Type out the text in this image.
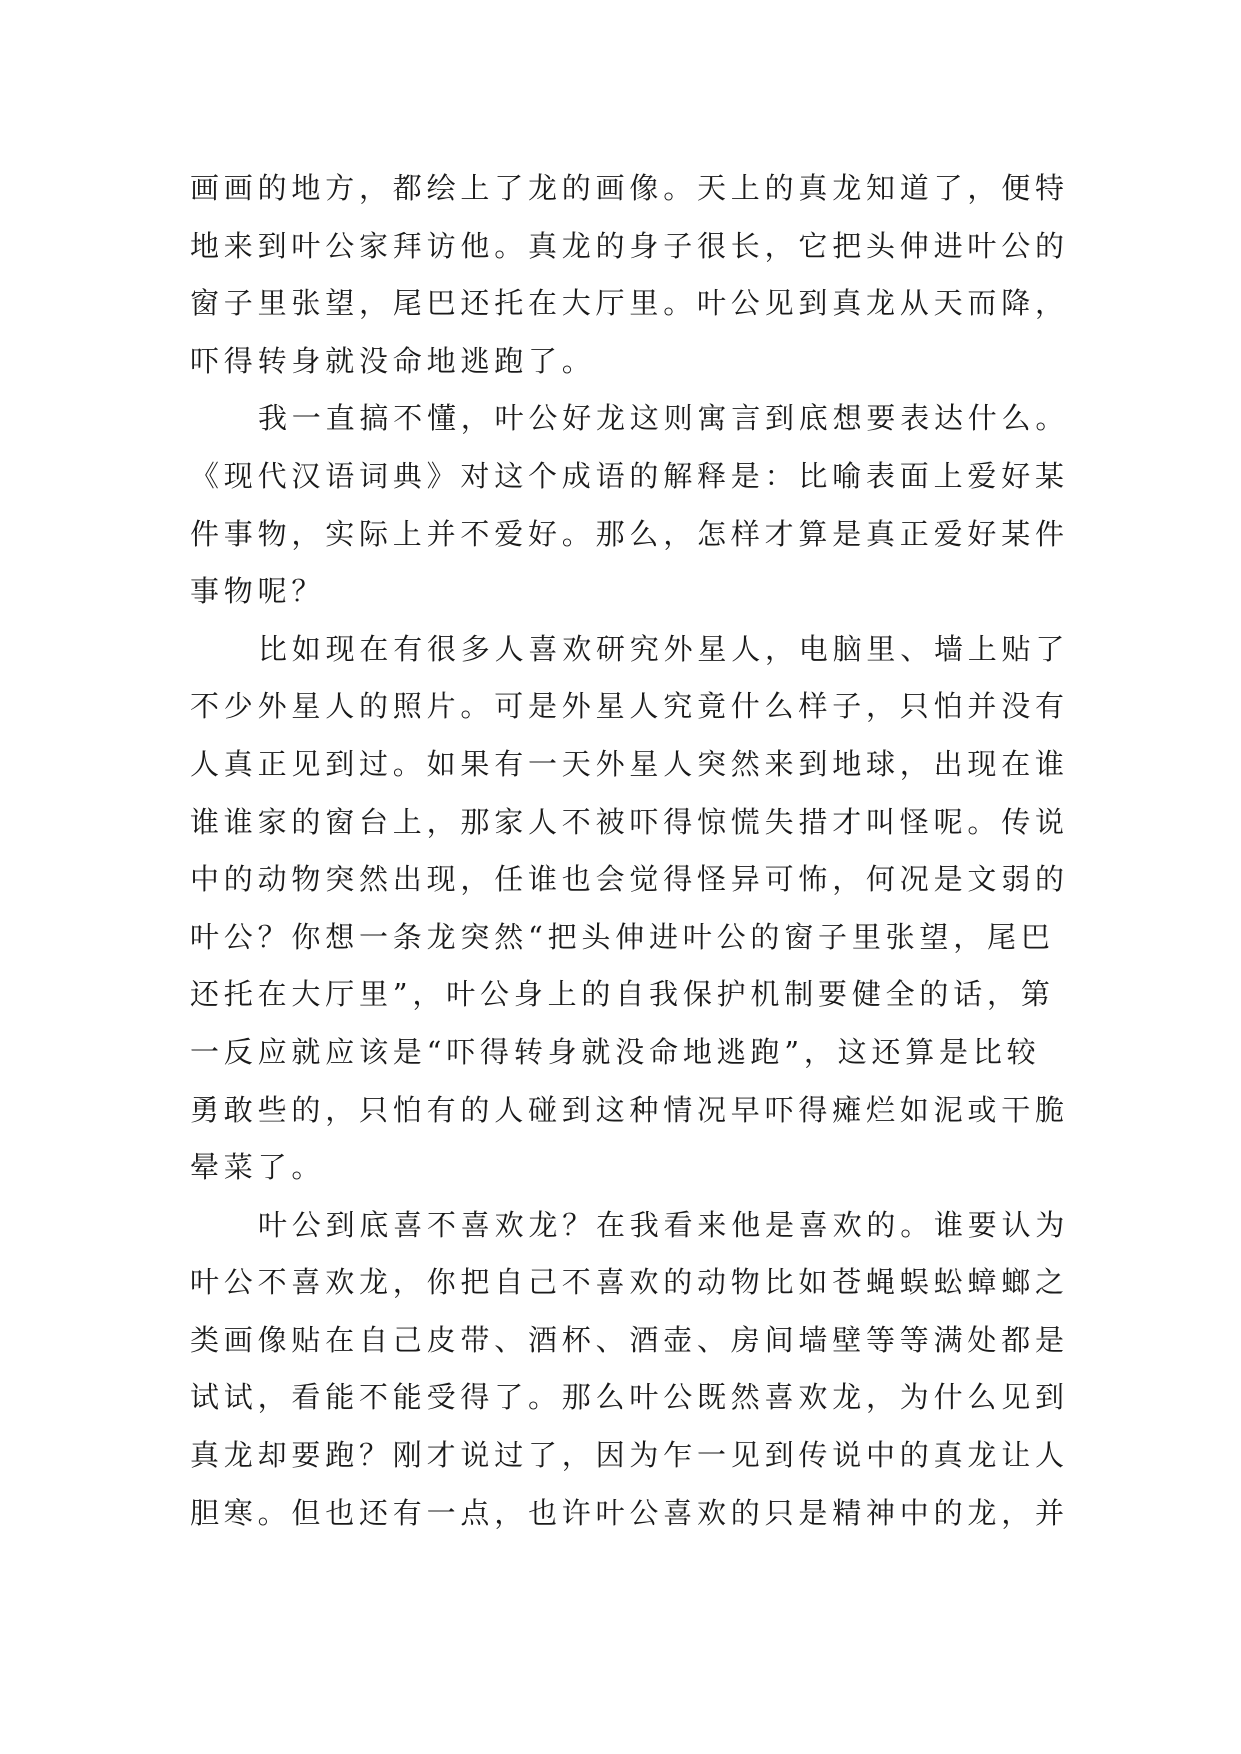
画画的地方，都绘上了龙的画像。天上的真龙知道了，便特
地来到叶公家拜访他。真龙的身子很长，它把头伸进叶公的
窗子里张望，尾巴还托在大厅里。叶公见到真龙从天而降，
吓得转身就没命地逃跑了。
我一直搞不懂，叶公好龙这则寓言到底想要表达什么。
《现代汉语词典》对这个成语的解释是：比喻表面上爱好某
件事物，实际上并不爱好。那么，怎样才算是真正爱好某件
事物呢？
比如现在有很多人喜欢研究外星人，电脑里、墙上贴了
不少外星人的照片。可是外星人究竟什么样子，只怕并没有
人真正见到过。如果有一天外星人突然来到地球，出现在谁
谁谁家的窗台上，那家人不被吓得惊慌失措才叫怪呢。传说
中的动物突然出现，任谁也会觉得怪异可怖，何况是文弱的
叶公？你想一条龙突然“把头伸进叶公的窗子里张望，尾巴
还托在大厅里”，叶公身上的自我保护机制要健全的话，第
一反应就应该是“吓得转身就没命地逃跑”，这还算是比较
勇敢些的，只怕有的人碰到这种情况早吓得瘫烂如泥或干脆
晕菜了。
叶公到底喜不喜欢龙？在我看来他是喜欢的。谁要认为
叶公不喜欢龙，你把自己不喜欢的动物比如苍蝇蜈蚣蟑螂之
类画像贴在自己皮带、酒杯、酒壶、房间墙壁等等满处都是
试试，看能不能受得了。那么叶公既然喜欢龙，为什么见到
真龙却要跑？刚才说过了，因为乍一见到传说中的真龙让人
胆寒。但也还有一点，也许叶公喜欢的只是精神中的龙，并
